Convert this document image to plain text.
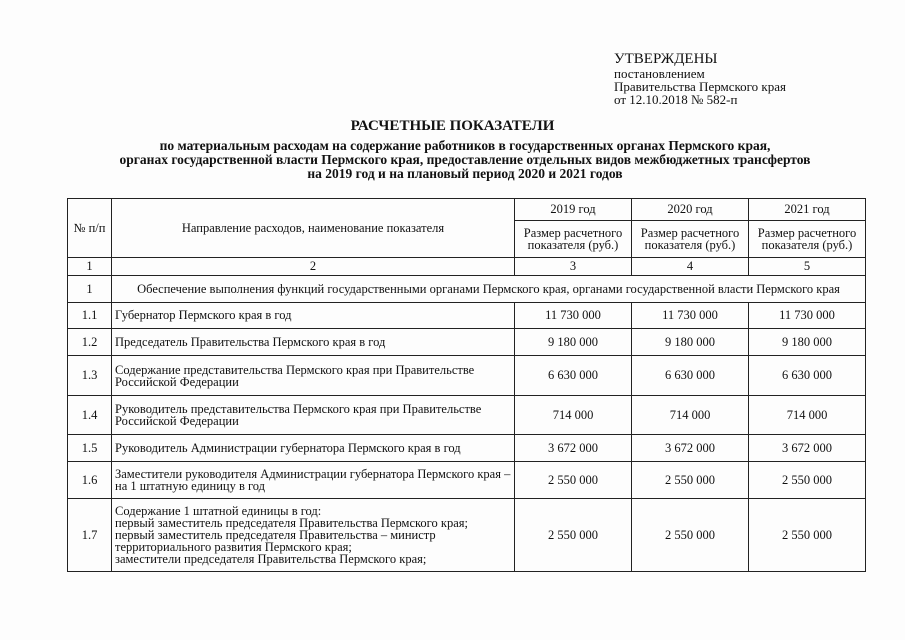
УТВЕРЖДЕНЫ
постановлением
Правительства Пермского края
от 12.10.2018 № 582-п
РАСЧЕТНЫЕ ПОКАЗАТЕЛИ
по материальным расходам на содержание работников в государственных органах Пермского края,
органах государственной власти Пермского края, предоставление отдельных видов межбюджетных трансфертов
на 2019 год и на плановый период 2020 и 2021 годов
№ п/п	Направление расходов, наименование показателя	2019 год	2020 год	2021 год
		Размер расчетного показателя (руб.)	Размер расчетного показателя (руб.)	Размер расчетного показателя (руб.)
1	2	3	4	5
1	Обеспечение выполнения функций государственными органами Пермского края, органами государственной власти Пермского края			
1.1	Губернатор Пермского края в год	11 730 000	11 730 000	11 730 000
1.2	Председатель Правительства Пермского края в год	9 180 000	9 180 000	9 180 000
1.3	Содержание представительства Пермского края при Правительстве Российской Федерации	6 630 000	6 630 000	6 630 000
1.4	Руководитель представительства Пермского края при Правительстве Российской Федерации	714 000	714 000	714 000
1.5	Руководитель Администрации губернатора Пермского края в год	3 672 000	3 672 000	3 672 000
1.6	Заместители руководителя Администрации губернатора Пермского края – на 1 штатную единицу в год	2 550 000	2 550 000	2 550 000
1.7	Содержание 1 штатной единицы в год:
первый заместитель председателя Правительства Пермского края;
первый заместитель председателя Правительства – министр
территориального развития Пермского края;
заместители председателя Правительства Пермского края;	2 550 000	2 550 000	2 550 000
